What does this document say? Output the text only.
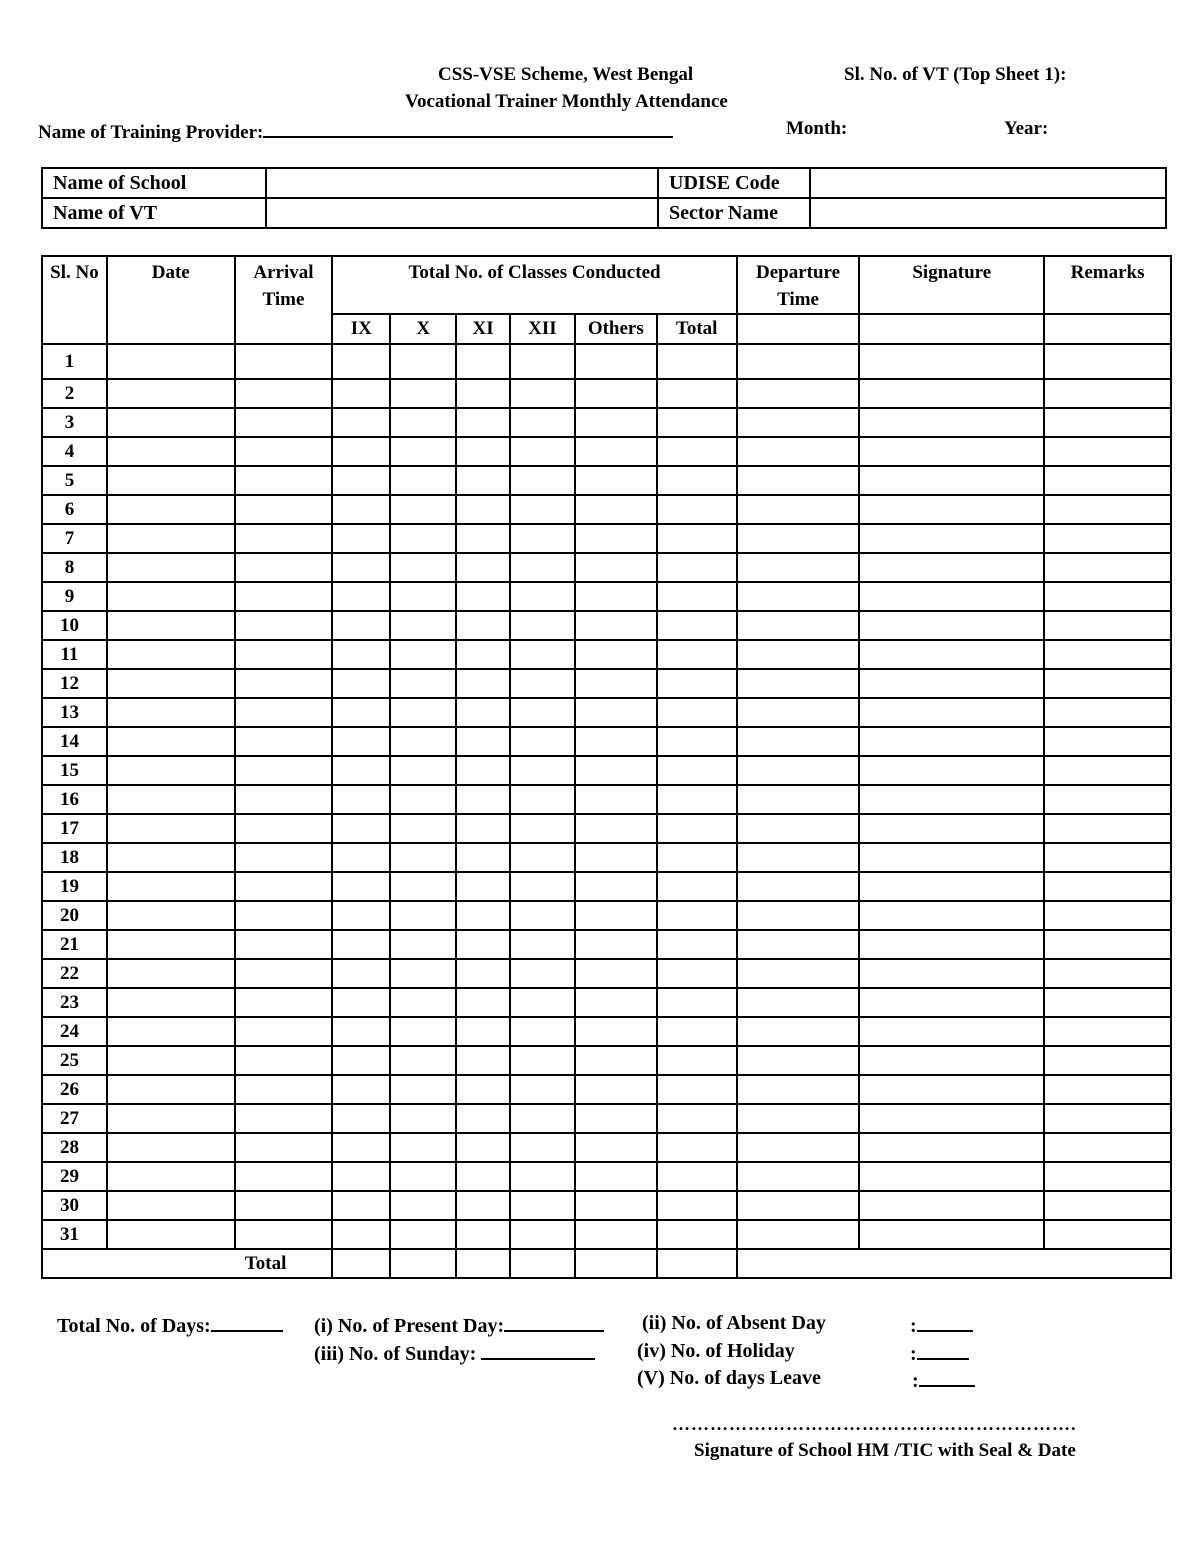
CSS-VSE Scheme, West Bengal	Sl. No. of VT (Top Sheet 1):
Vocational Trainer Monthly Attendance
Name of Training Provider:	Month:	Year:
Name of School		UDISE Code	
Name of VT		Sector Name	
Sl. No	Date	Arrival Time	Total No. of Classes Conducted						Departure Time	Signature	Remarks
			IX	X	XI	XII	Others	Total			
1											
2											
3											
4											
5											
6											
7											
8											
9											
10											
11											
12											
13											
14											
15											
16											
17											
18											
19											
20											
21											
22											
23											
24											
25											
26											
27											
28											
29											
30											
31											
Total											
Total No. of Days:	(i) No. of Present Day:	(ii) No. of Absent Day	:
(iii) No. of Sunday:	(iv) No. of Holiday	:
(V) No. of days Leave	:
……………………………………………………….
Signature of School HM /TIC with Seal & Date
